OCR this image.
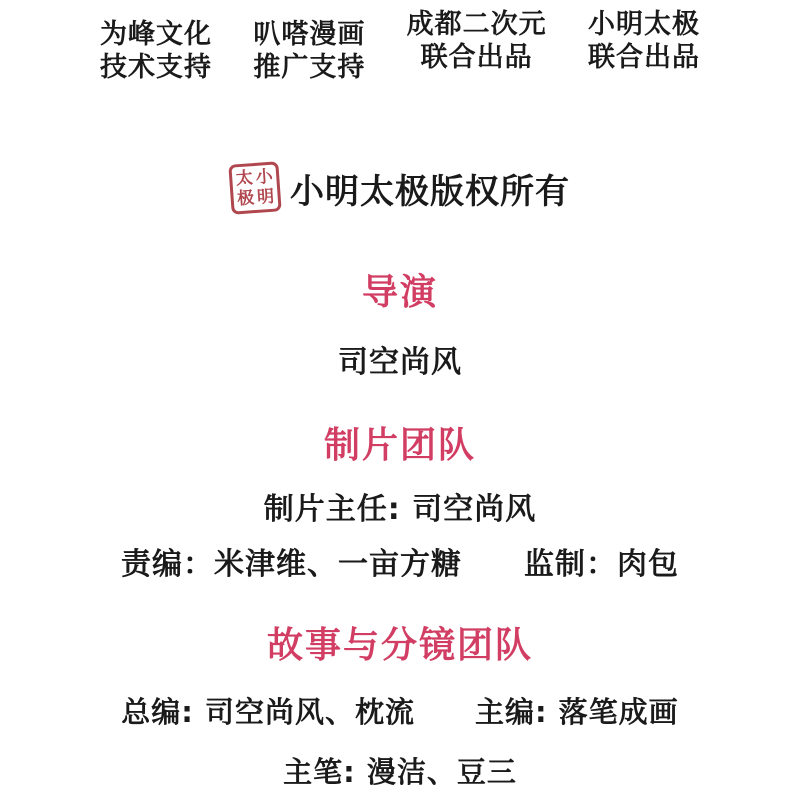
为峰文化
技术支持
叭嗒漫画
推广支持
成都二次元
联合出品
小明太极
联合出品
太 小
极 明 小明太极版权所有
导演
司空尚风
制片团队
制片主任: 司空尚风
责编：米津维、一亩方糖　　监制：肉包
故事与分镜团队
总编: 司空尚风、枕流　　主编: 落笔成画
主笔: 漫洁、豆三
